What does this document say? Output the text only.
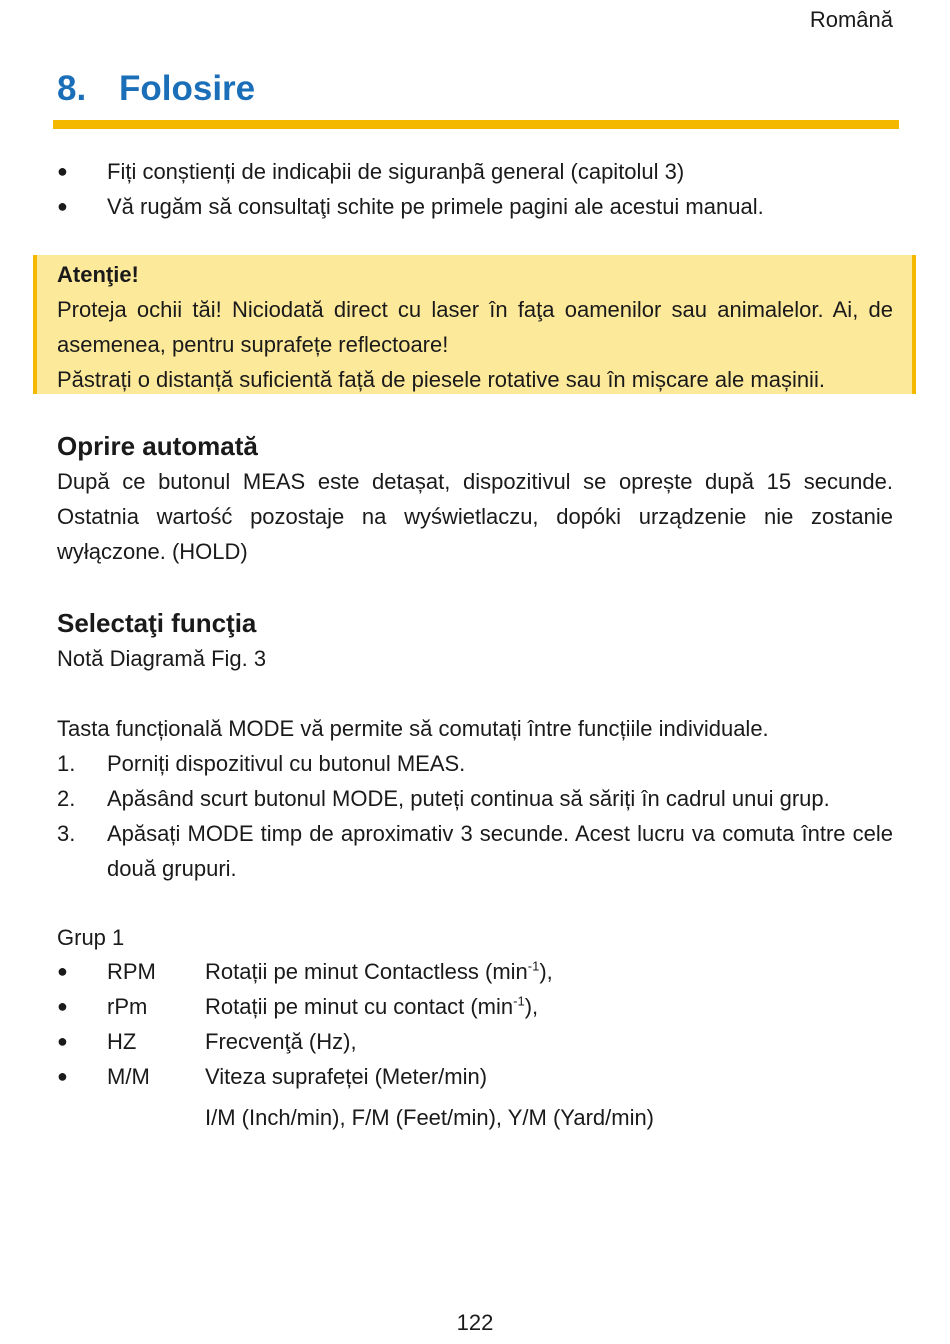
Română
8. Folosire
● Fiți conștienți de indicaþii de siguranþã general (capitolul 3)
● Vă rugăm să consultaţi schite pe primele pagini ale acestui manual.
Atenţie!
Proteja ochii tăi! Niciodată direct cu laser în faţa oamenilor sau animalelor. Ai, de asemenea, pentru suprafețe reflectoare!
Păstrați o distanță suficientă față de piesele rotative sau în mișcare ale mașinii.
Oprire automată
După ce butonul MEAS este detașat, dispozitivul se oprește după 15 secunde. Ostatnia wartość pozostaje na wyświetlaczu, dopóki urządzenie nie zostanie wyłączone. (HOLD)
Selectaţi funcţia
Notă Diagramă Fig. 3
Tasta funcțională MODE vă permite să comutați între funcțiile individuale.
1. Porniți dispozitivul cu butonul MEAS.
2. Apăsând scurt butonul MODE, puteți continua să săriți în cadrul unui grup.
3. Apăsați MODE timp de aproximativ 3 secunde. Acest lucru va comuta între cele două grupuri.
Grup 1
● RPM Rotații pe minut Contactless $(\min^{-1})$,
● rPm	Rotații pe minut cu contact $(\min^{-1})$,
● HZ	Frecvenţă (Hz),
● M/M	Viteza suprafeței (Meter/min)
I/M (Inch/min), F/M (Feet/min), Y/M (Yard/min)
122
